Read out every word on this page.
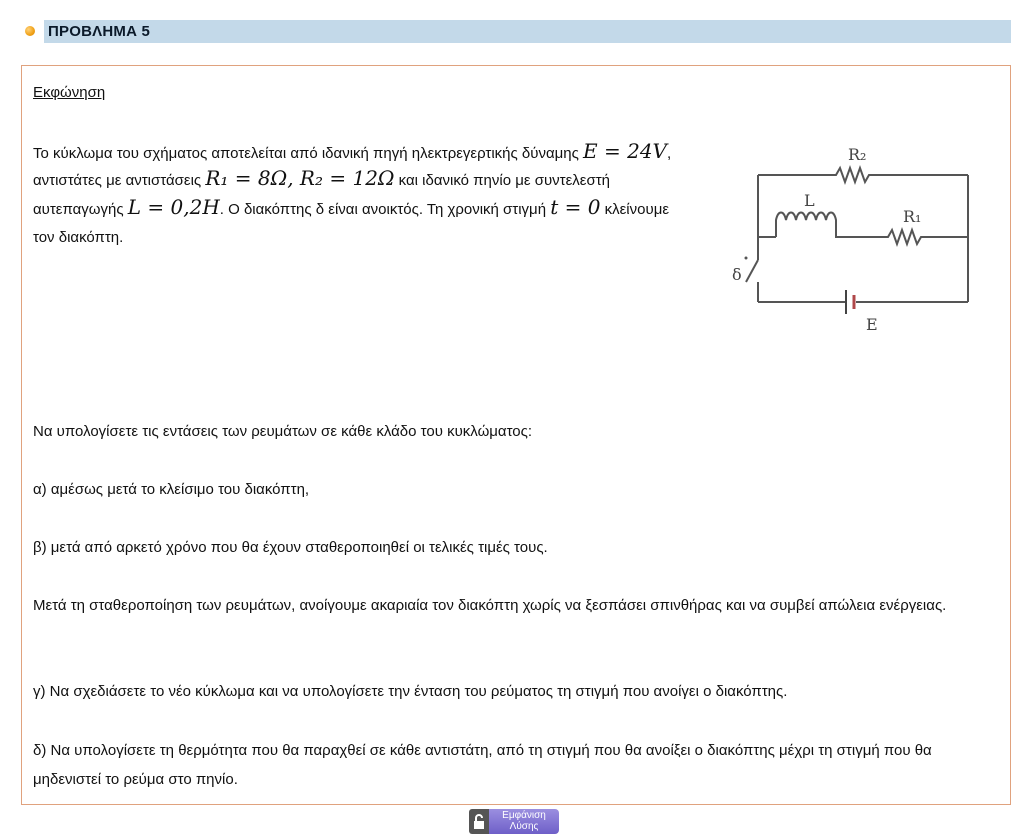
ΠΡΟΒΛΗΜΑ 5
Εκφώνηση
Το κύκλωμα του σχήματος αποτελείται από ιδανική πηγή ηλεκτρεγερτικής δύναμης E = 24V,
αντιστάτες με αντιστάσεις R₁ = 8Ω, R₂ = 12Ω και ιδανικό πηνίο με συντελεστή
αυτεπαγωγής L = 0,2H. Ο διακόπτης δ είναι ανοικτός. Τη χρονική στιγμή t = 0 κλείνουμε
τον διακόπτη.
R₂
L
R₁
δ
E
Να υπολογίσετε τις εντάσεις των ρευμάτων σε κάθε κλάδο του κυκλώματος:
α) αμέσως μετά το κλείσιμο του διακόπτη,
β) μετά από αρκετό χρόνο που θα έχουν σταθεροποιηθεί οι τελικές τιμές τους.
Μετά τη σταθεροποίηση των ρευμάτων, ανοίγουμε ακαριαία τον διακόπτη χωρίς να ξεσπάσει σπινθήρας και να συμβεί απώλεια ενέργειας.
γ) Να σχεδιάσετε το νέο κύκλωμα και να υπολογίσετε την ένταση του ρεύματος τη στιγμή που ανοίγει ο διακόπτης.
δ) Να υπολογίσετε τη θερμότητα που θα παραχθεί σε κάθε αντιστάτη, από τη στιγμή που θα ανοίξει ο διακόπτης μέχρι τη στιγμή που θα μηδενιστεί το ρεύμα στο πηνίο.
Εμφάνιση
Λύσης
